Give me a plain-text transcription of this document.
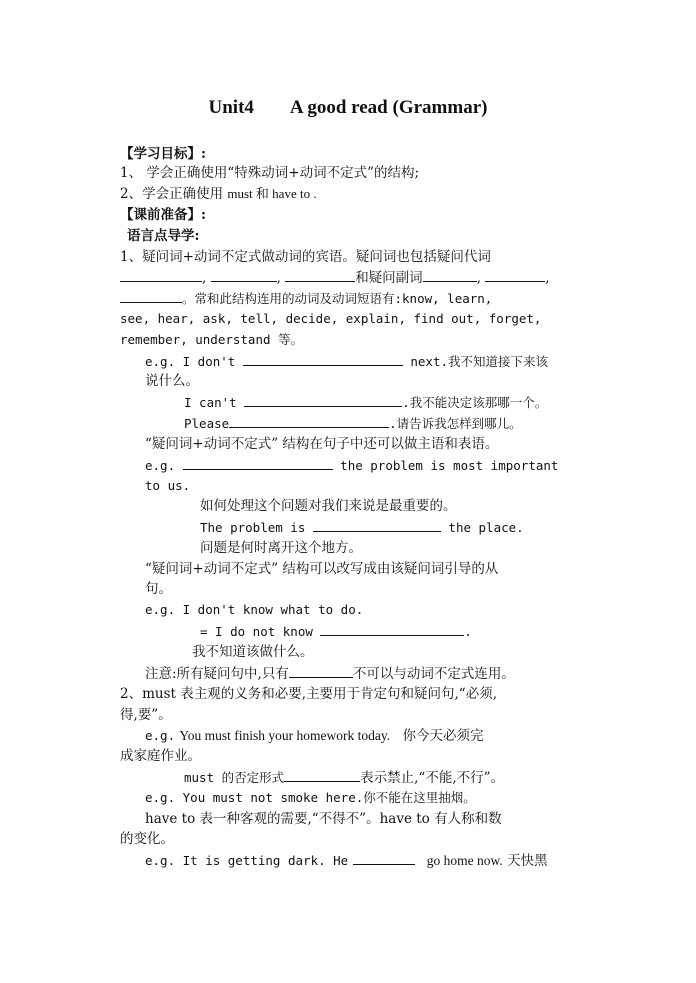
Unit4 A good read (Grammar)
【学习目标】:
1、 学会正确使用“特殊动词+动词不定式”的结构;
2、学会正确使用 must 和 have to .
【课前准备】:
语言点导学:
1、疑问词+动词不定式做动词的宾语。疑问词也包括疑问代词
,	,	和疑问副词	,	,
。常和此结构连用的动词及动词短语有:know, learn,
see, hear, ask, tell, decide, explain, find out, forget,
remember, understand 等。
e.g. I don't	next.我不知道接下来该
说什么。
I can't	.我不能决定该那哪一个。
Please	.请告诉我怎样到哪儿。
“疑问词+动词不定式” 结构在句子中还可以做主语和表语。
e.g.	the problem is most important
to us.
如何处理这个问题对我们来说是最重要的。
The problem is	the place.
问题是何时离开这个地方。
“疑问词+动词不定式” 结构可以改写成由该疑问词引导的从
句。
e.g. I don't know what to do.
= I do not know	.
我不知道该做什么。
注意:所有疑问句中,只有	不可以与动词不定式连用。
2、must 表主观的义务和必要,主要用于肯定句和疑问句,“必须,
得,要”。
e.g. You must finish your homework today. 你今天必须完
成家庭作业。
must 的否定形式	表示禁止,“不能,不行”。
e.g. You must not smoke here.你不能在这里抽烟。
have to 表一种客观的需要,“不得不”。have to 有人称和数
的变化。
e.g. It is getting dark. He	go home now. 天快黑
